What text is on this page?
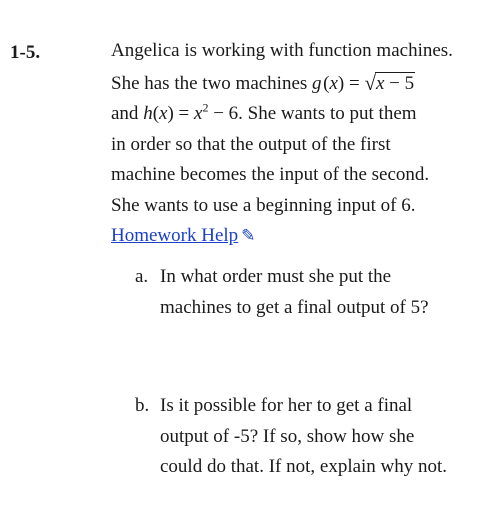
1-5.	Angelica is working with function machines.
She has the two machines g (x) = √x − 5
and $h(x) = x^2 - 6$. She wants to put them
in order so that the output of the first
machine becomes the input of the second.
She wants to use a beginning input of 6.
Homework Help ✎
a. In what order must she put the
machines to get a final output of 5?
b. Is it possible for her to get a final
output of -5? If so, show how she
could do that. If not, explain why not.
